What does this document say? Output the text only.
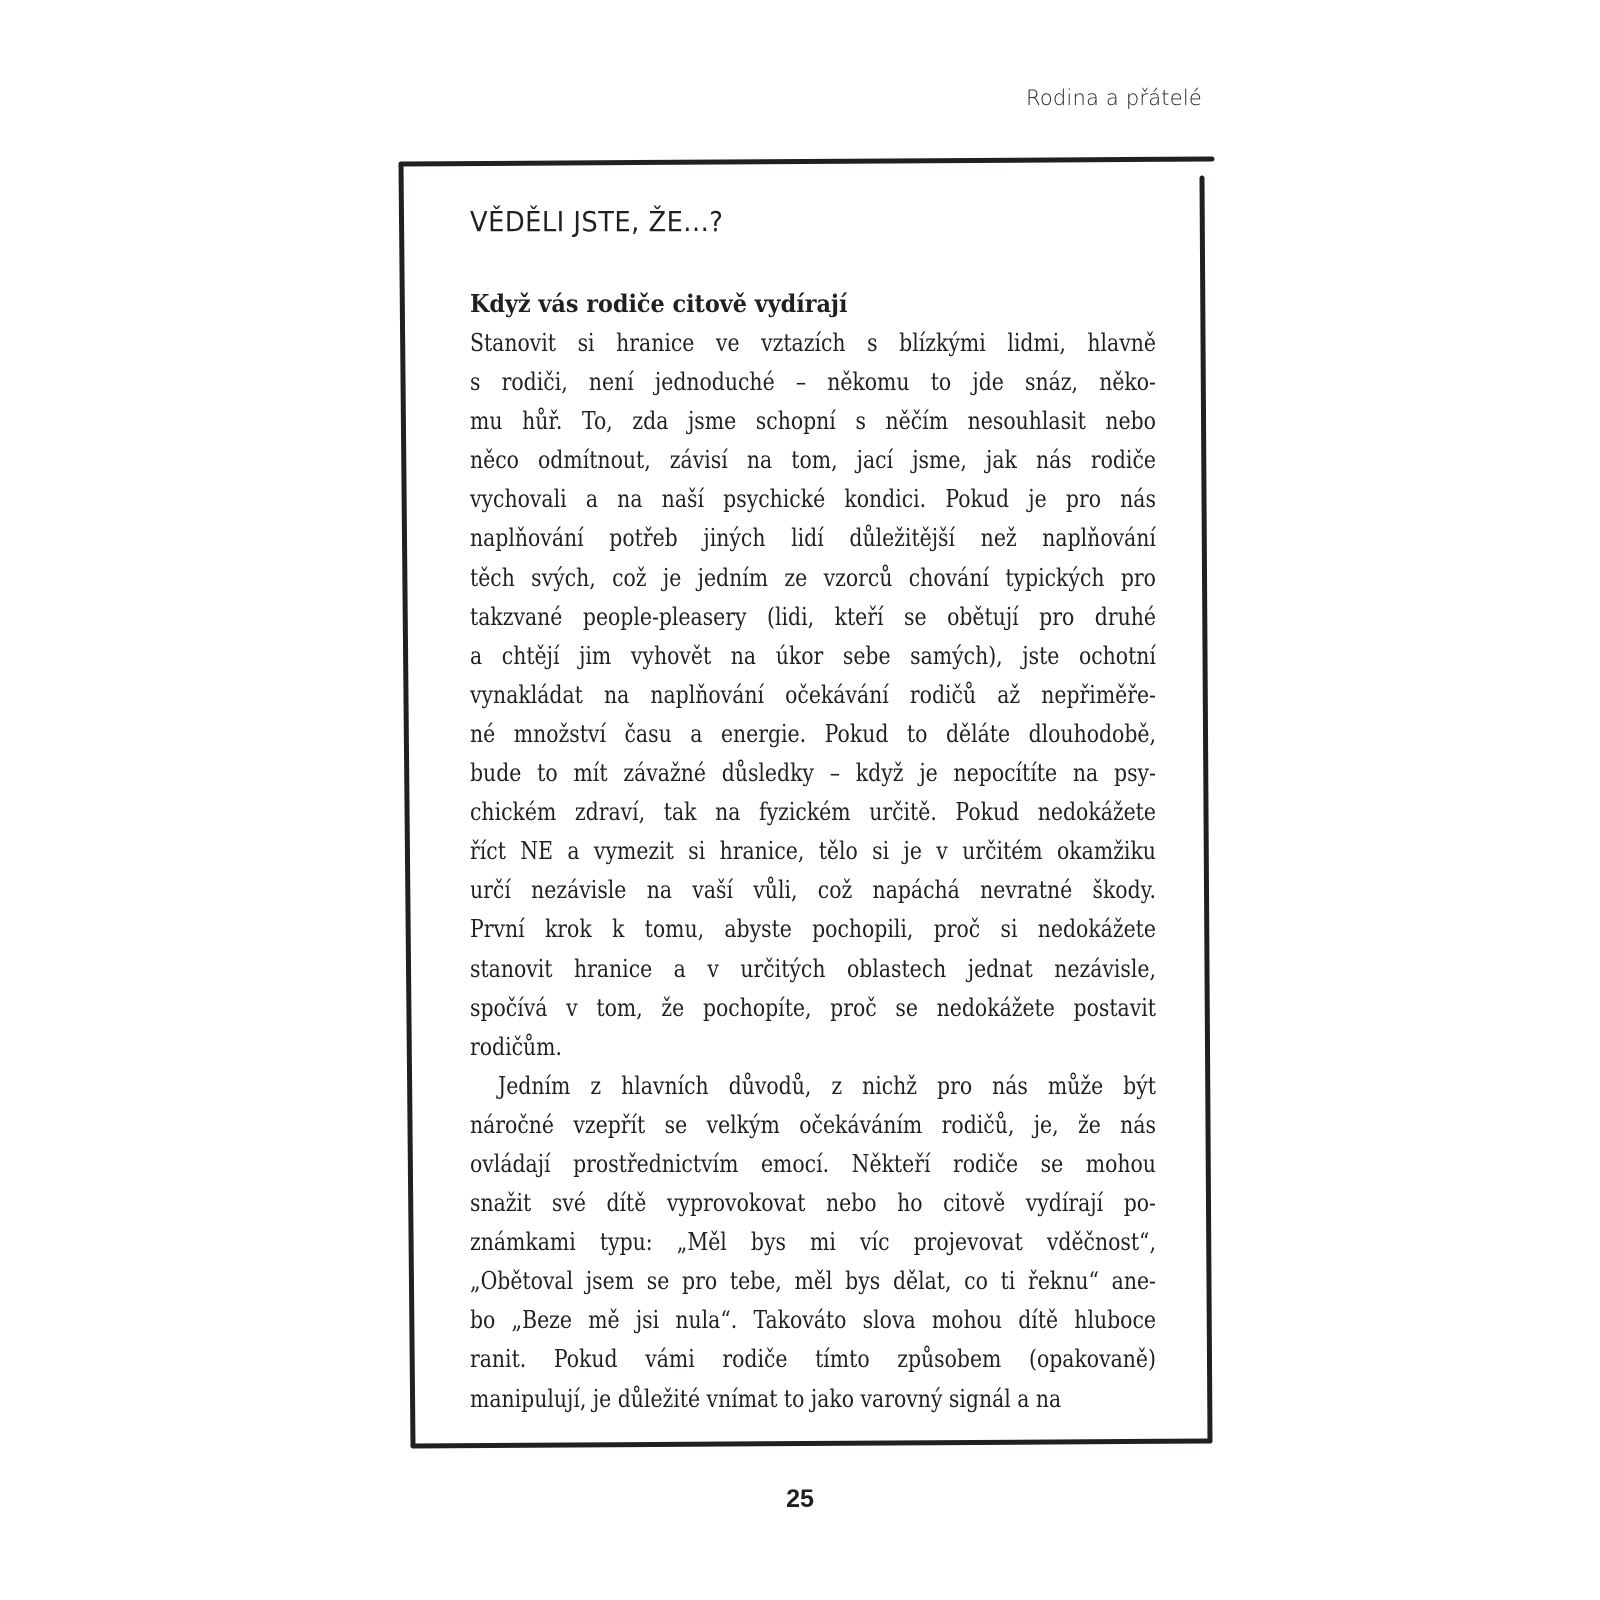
Rodina a přátelé
VĚDĚLI JSTE, ŽE...?
Když vás rodiče citově vydírají
Stanovit si hranice ve vztazích s blízkými lidmi, hlavně
s rodiči, není jednoduché – někomu to jde snáz, něko-
mu hůř. To, zda jsme schopní s něčím nesouhlasit nebo
něco odmítnout, závisí na tom, jací jsme, jak nás rodiče
vychovali a na naší psychické kondici. Pokud je pro nás
naplňování potřeb jiných lidí důležitější než naplňování
těch svých, což je jedním ze vzorců chování typických pro
takzvané people-pleasery (lidi, kteří se obětují pro druhé
a chtějí jim vyhovět na úkor sebe samých), jste ochotní
vynakládat na naplňování očekávání rodičů až nepřiměře-
né množství času a energie. Pokud to děláte dlouhodobě,
bude to mít závažné důsledky – když je nepocítíte na psy-
chickém zdraví, tak na fyzickém určitě. Pokud nedokážete
říct NE a vymezit si hranice, tělo si je v určitém okamžiku
určí nezávisle na vaší vůli, což napáchá nevratné škody.
První krok k tomu, abyste pochopili, proč si nedokážete
stanovit hranice a v určitých oblastech jednat nezávisle,
spočívá v tom, že pochopíte, proč se nedokážete postavit
rodičům.
Jedním z hlavních důvodů, z nichž pro nás může být
náročné vzepřít se velkým očekáváním rodičů, je, že nás
ovládají prostřednictvím emocí. Někteří rodiče se mohou
snažit své dítě vyprovokovat nebo ho citově vydírají po-
známkami typu: „Měl bys mi víc projevovat vděčnost“,
„Obětoval jsem se pro tebe, měl bys dělat, co ti řeknu“ ane-
bo „Beze mě jsi nula“. Takováto slova mohou dítě hluboce
ranit. Pokud vámi rodiče tímto způsobem (opakovaně)
manipulují, je důležité vnímat to jako varovný signál a na
25
